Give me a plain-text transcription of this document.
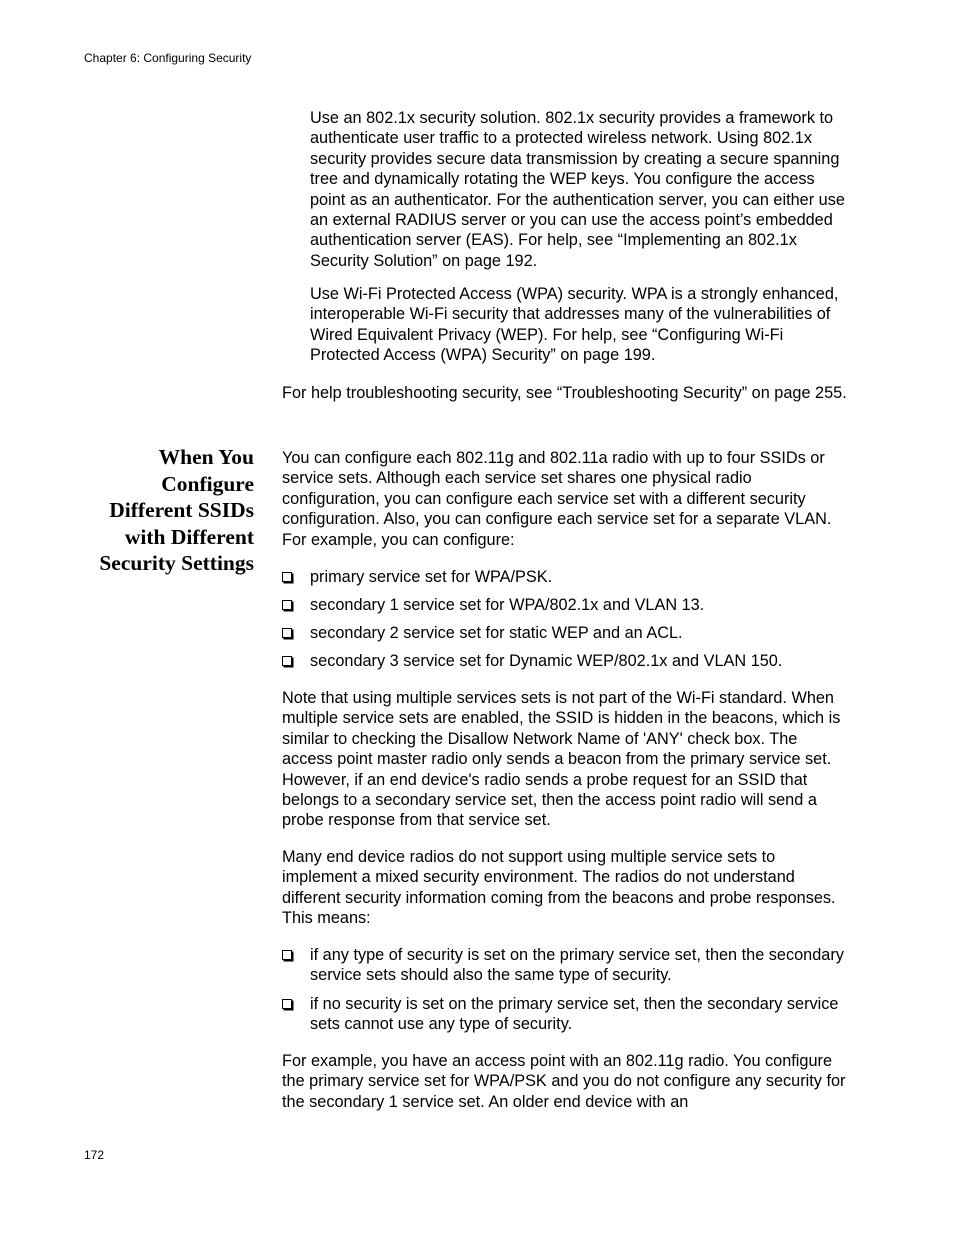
Chapter 6: Configuring Security

Use an 802.1x security solution. 802.1x security provides a framework to authenticate user traffic to a protected wireless network. Using 802.1x security provides secure data transmission by creating a secure spanning tree and dynamically rotating the WEP keys. You configure the access point as an authenticator. For the authentication server, you can either use an external RADIUS server or you can use the access point’s embedded authentication server (EAS). For help, see “Implementing an 802.1x Security Solution” on page 192.

Use Wi-Fi Protected Access (WPA) security. WPA is a strongly enhanced, interoperable Wi-Fi security that addresses many of the vulnerabilities of Wired Equivalent Privacy (WEP). For help, see “Configuring Wi-Fi Protected Access (WPA) Security” on page 199.

For help troubleshooting security, see “Troubleshooting Security” on page 255.

When You
Configure
Different SSIDs
with Different
Security Settings

You can configure each 802.11g and 802.11a radio with up to four SSIDs or service sets. Although each service set shares one physical radio configuration, you can configure each service set with a different security configuration. Also, you can configure each service set for a separate VLAN. For example, you can configure:

primary service set for WPA/PSK.
secondary 1 service set for WPA/802.1x and VLAN 13.
secondary 2 service set for static WEP and an ACL.
secondary 3 service set for Dynamic WEP/802.1x and VLAN 150.

Note that using multiple services sets is not part of the Wi-Fi standard. When multiple service sets are enabled, the SSID is hidden in the beacons, which is similar to checking the Disallow Network Name of 'ANY' check box. The access point master radio only sends a beacon from the primary service set. However, if an end device's radio sends a probe request for an SSID that belongs to a secondary service set, then the access point radio will send a probe response from that service set.

Many end device radios do not support using multiple service sets to implement a mixed security environment. The radios do not understand different security information coming from the beacons and probe responses. This means:

if any type of security is set on the primary service set, then the secondary service sets should also the same type of security.
if no security is set on the primary service set, then the secondary service sets cannot use any type of security.

For example, you have an access point with an 802.11g radio. You configure the primary service set for WPA/PSK and you do not configure any security for the secondary 1 service set. An older end device with an

172
